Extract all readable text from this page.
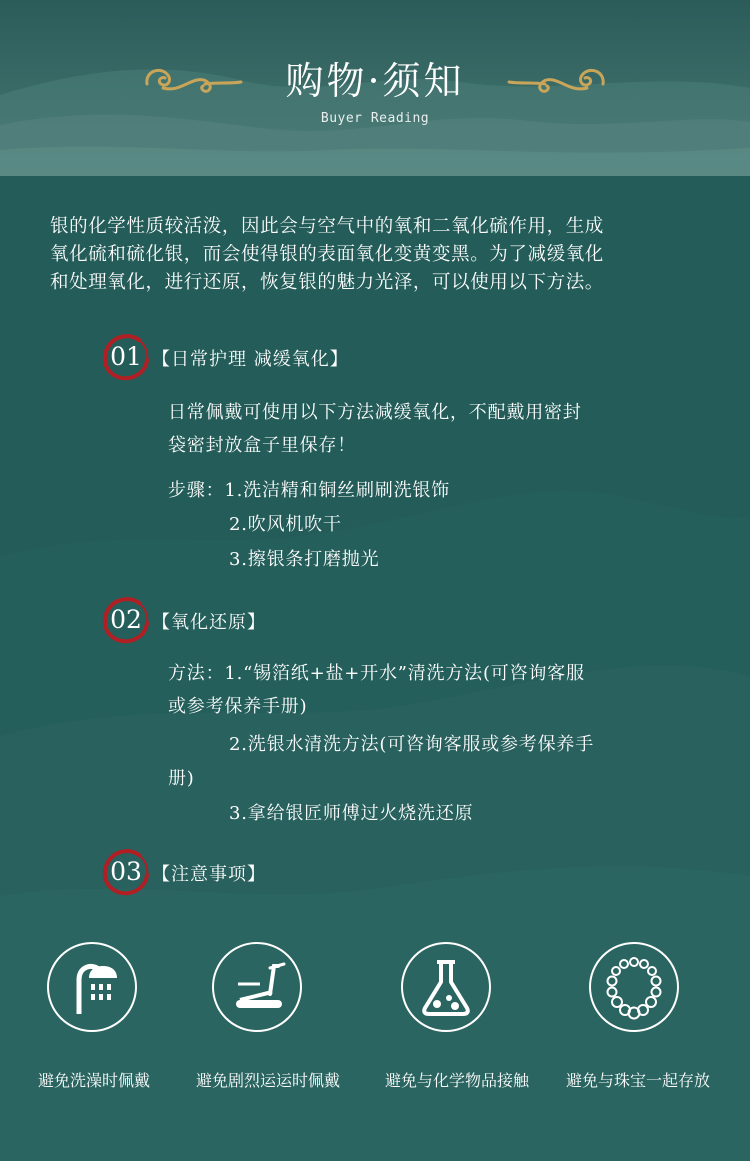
购物·须知
Buyer Reading
银的化学性质较活泼，因此会与空气中的氧和二氧化硫作用，生成
氧化硫和硫化银，而会使得银的表面氧化变黄变黑。为了减缓氧化
和处理氧化，进行还原，恢复银的魅力光泽，可以使用以下方法。
01 【日常护理 减缓氧化】
日常佩戴可使用以下方法减缓氧化，不配戴用密封
袋密封放盒子里保存！
步骤：1.洗洁精和铜丝刷刷洗银饰
2.吹风机吹干
3.擦银条打磨抛光
02 【氧化还原】
方法：1.“锡箔纸+盐+开水”清洗方法(可咨询客服
或参考保养手册)
2.洗银水清洗方法(可咨询客服或参考保养手
册)
3.拿给银匠师傅过火烧洗还原
03 【注意事项】
避免洗澡时佩戴	避免剧烈运运时佩戴	避免与化学物品接触	避免与珠宝一起存放
